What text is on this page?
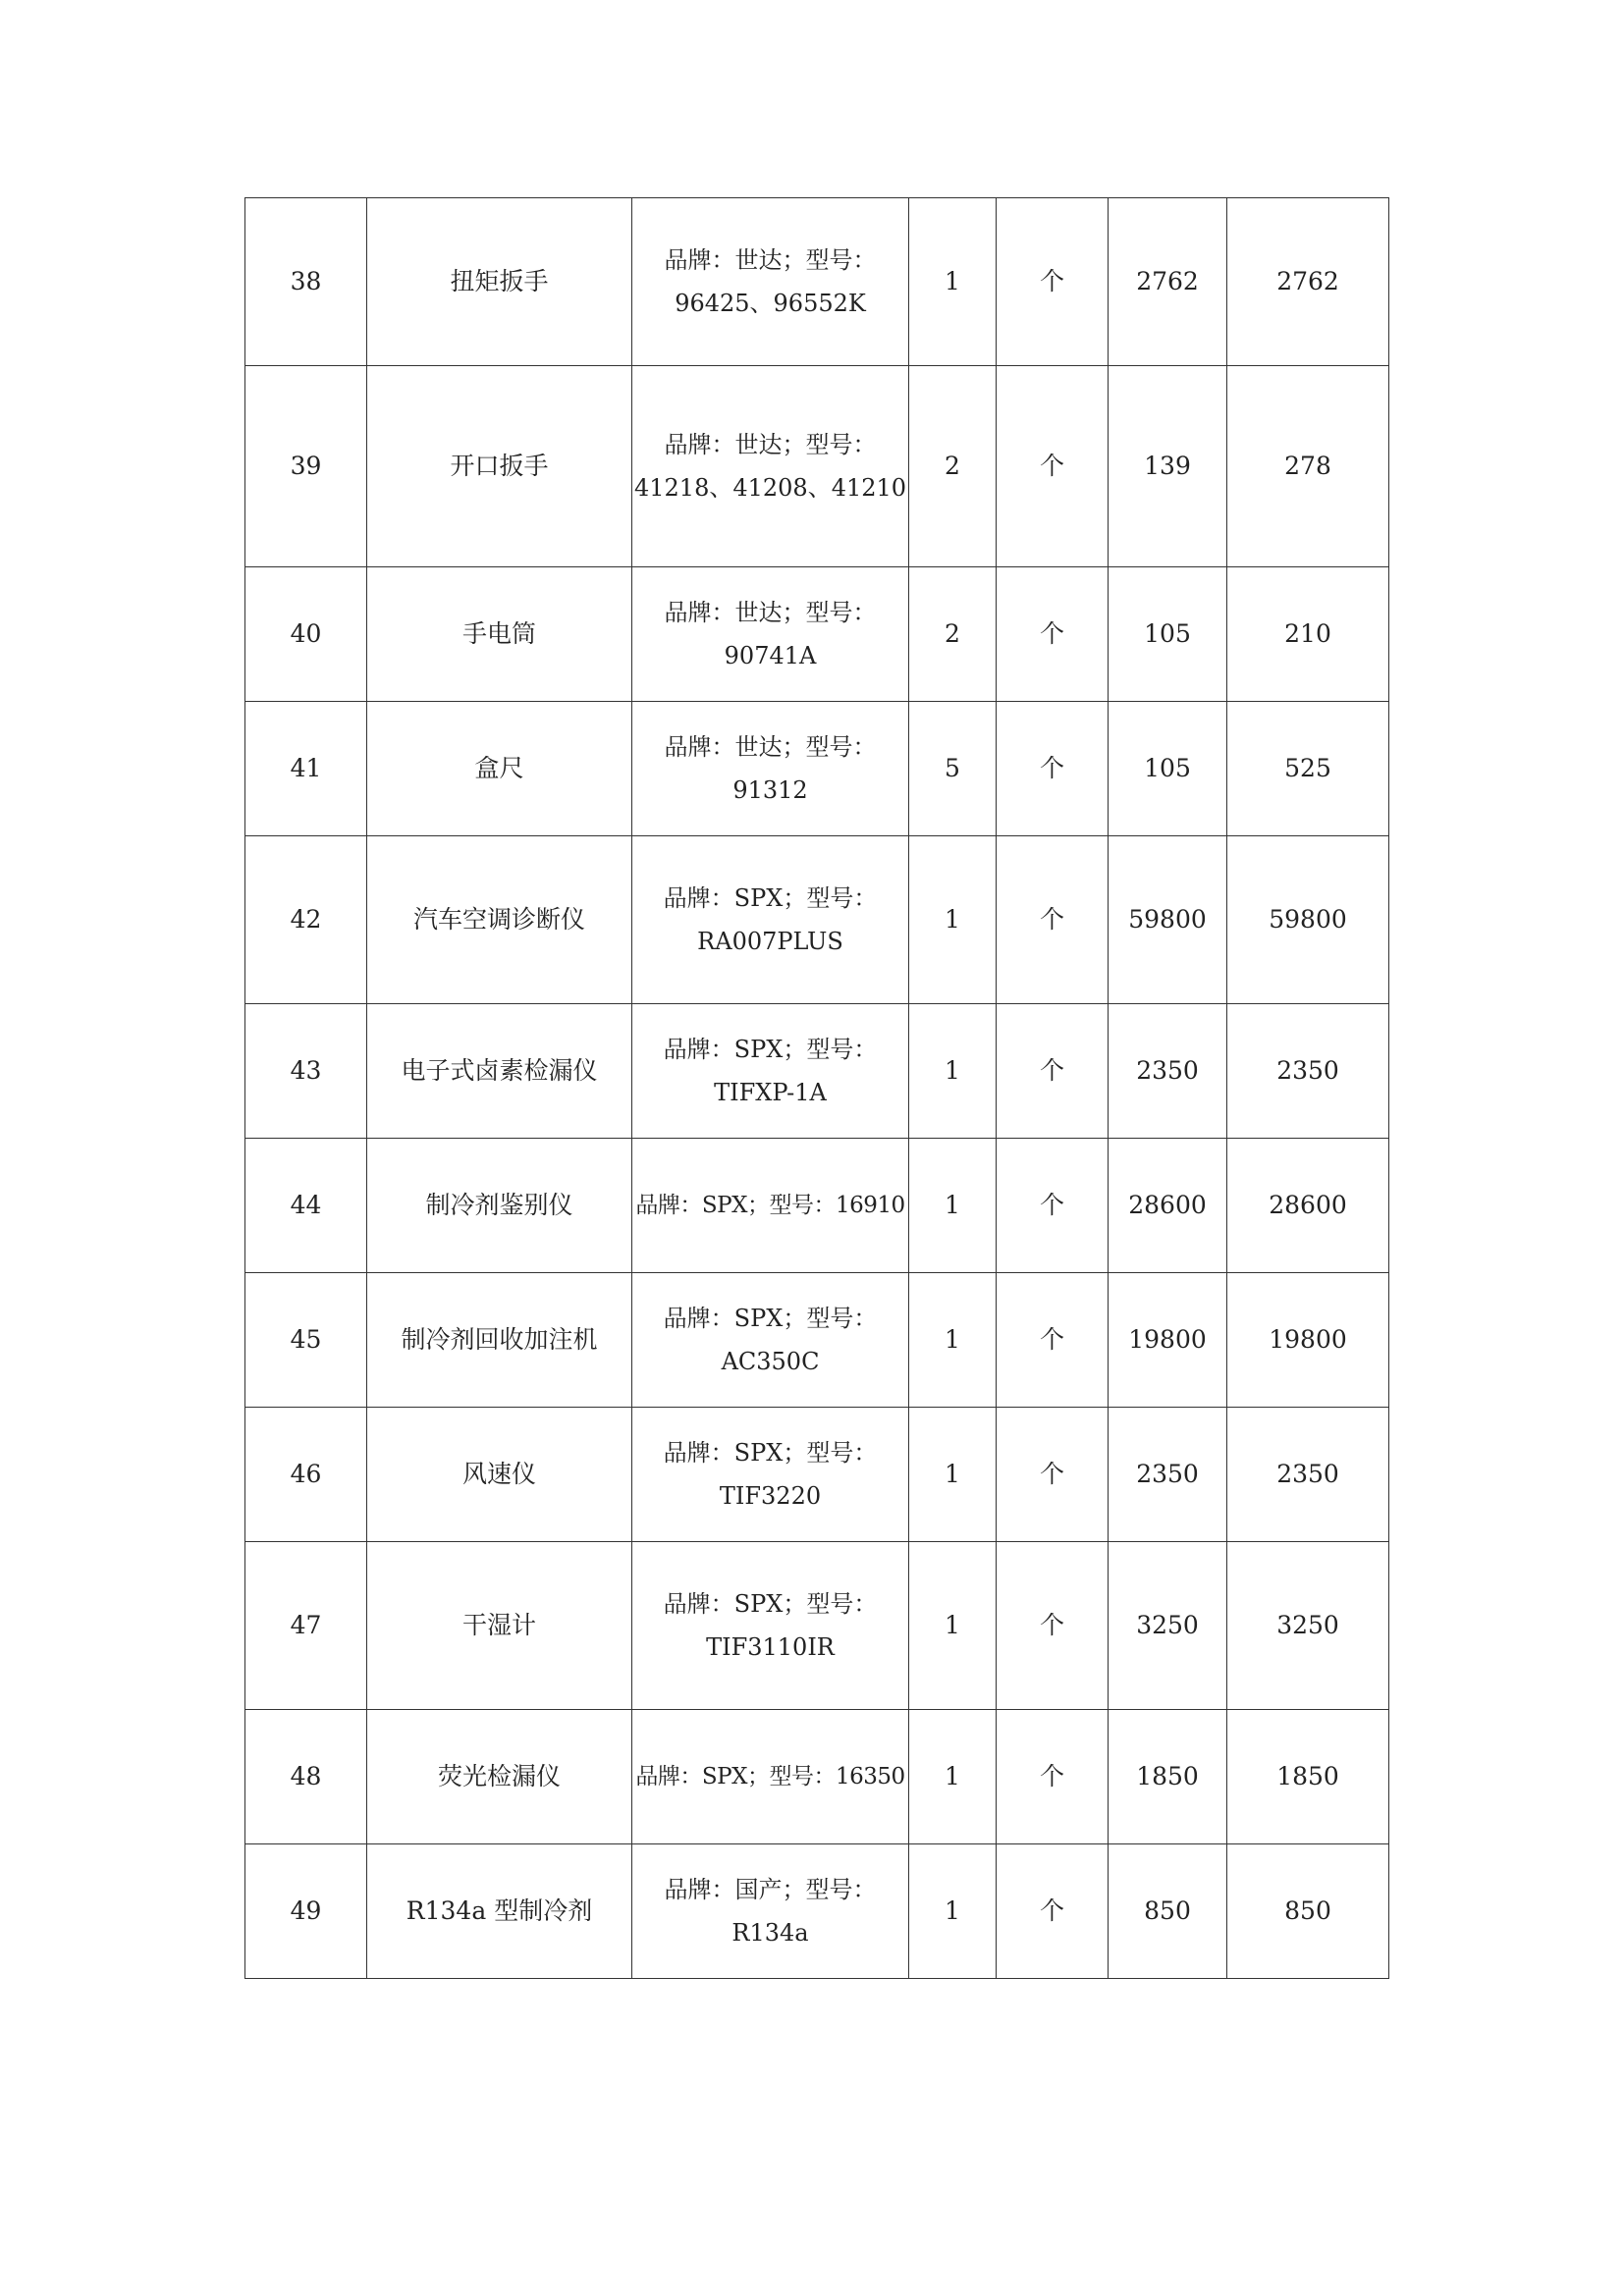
38	扭矩扳手	品牌：世达；型号：
96425、96552K	1	个	2762	2762
39	开口扳手	品牌：世达；型号：
41218、41208、41210	2	个	139	278
40	手电筒	品牌：世达；型号：
90741A	2	个	105	210
41	盒尺	品牌：世达；型号：
91312	5	个	105	525
42	汽车空调诊断仪	品牌：SPX；型号：
RA007PLUS	1	个	59800	59800
43	电子式卤素检漏仪	品牌：SPX；型号：
TIFXP-1A	1	个	2350	2350
44	制冷剂鉴别仪	品牌：SPX；型号：16910	1	个	28600	28600
45	制冷剂回收加注机	品牌：SPX；型号：
AC350C	1	个	19800	19800
46	风速仪	品牌：SPX；型号：
TIF3220	1	个	2350	2350
47	干湿计	品牌：SPX；型号：
TIF3110IR	1	个	3250	3250
48	荧光检漏仪	品牌：SPX；型号：16350	1	个	1850	1850
49	R134a 型制冷剂	品牌：国产；型号：
R134a	1	个	850	850
